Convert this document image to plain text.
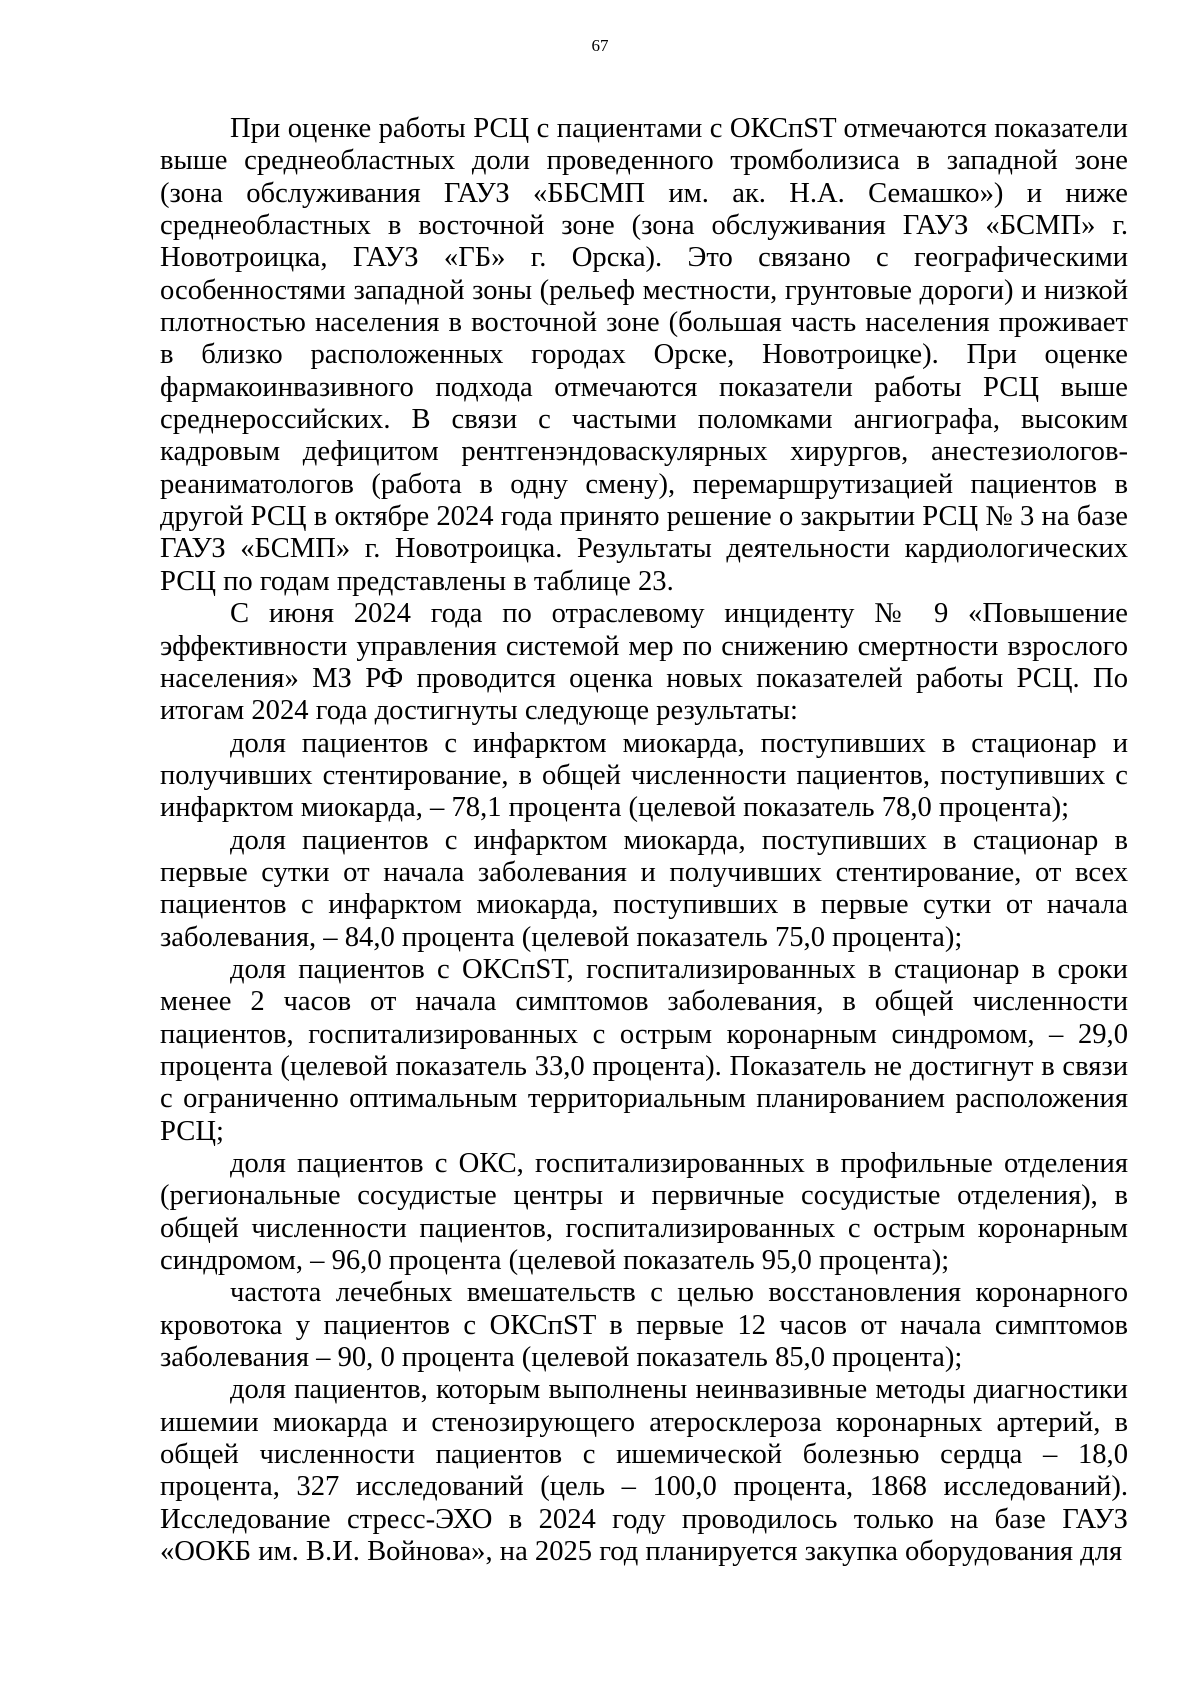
67

При оценке работы РСЦ с пациентами с ОКСпST отмечаются показатели выше среднеобластных доли проведенного тромболизиса в западной зоне (зона обслуживания ГАУЗ «ББСМП им. ак. Н.А. Семашко») и ниже среднеобластных в восточной зоне (зона обслуживания ГАУЗ «БСМП» г. Новотроицка, ГАУЗ «ГБ» г. Орска). Это связано с географическими особенностями западной зоны (рельеф местности, грунтовые дороги) и низкой плотностью населения в восточной зоне (большая часть населения проживает в близко расположенных городах Орске, Новотроицке). При оценке фармакоинвазивного подхода отмечаются показатели работы РСЦ выше среднероссийских. В связи с частыми поломками ангиографа, высоким кадровым дефицитом рентгенэндоваскулярных хирургов, анестезиологов-реаниматологов (работа в одну смену), перемаршрутизацией пациентов в другой РСЦ в октябре 2024 года принято решение о закрытии РСЦ № 3 на базе ГАУЗ «БСМП» г. Новотроицка. Результаты деятельности кардиологических РСЦ по годам представлены в таблице 23.

С июня 2024 года по отраслевому инциденту № 9 «Повышение эффективности управления системой мер по снижению смертности взрослого населения» МЗ РФ проводится оценка новых показателей работы РСЦ. По итогам 2024 года достигнуты следующе результаты:

доля пациентов с инфарктом миокарда, поступивших в стационар и получивших стентирование, в общей численности пациентов, поступивших с инфарктом миокарда, – 78,1 процента (целевой показатель 78,0 процента);

доля пациентов с инфарктом миокарда, поступивших в стационар в первые сутки от начала заболевания и получивших стентирование, от всех пациентов с инфарктом миокарда, поступивших в первые сутки от начала заболевания, – 84,0 процента (целевой показатель 75,0 процента);

доля пациентов с ОКСпST, госпитализированных в стационар в сроки менее 2 часов от начала симптомов заболевания, в общей численности пациентов, госпитализированных с острым коронарным синдромом, – 29,0 процента (целевой показатель 33,0 процента). Показатель не достигнут в связи с ограниченно оптимальным территориальным планированием расположения РСЦ;

доля пациентов с ОКС, госпитализированных в профильные отделения (региональные сосудистые центры и первичные сосудистые отделения), в общей численности пациентов, госпитализированных с острым коронарным синдромом, – 96,0 процента (целевой показатель 95,0 процента);

частота лечебных вмешательств с целью восстановления коронарного кровотока у пациентов с ОКСпST в первые 12 часов от начала симптомов заболевания – 90, 0 процента (целевой показатель 85,0 процента);

доля пациентов, которым выполнены неинвазивные методы диагностики ишемии миокарда и стенозирующего атеросклероза коронарных артерий, в общей численности пациентов с ишемической болезнью сердца – 18,0 процента, 327 исследований (цель – 100,0 процента, 1868 исследований). Исследование стресс-ЭХО в 2024 году проводилось только на базе ГАУЗ «ООКБ им. В.И. Войнова», на 2025 год планируется закупка оборудования для
